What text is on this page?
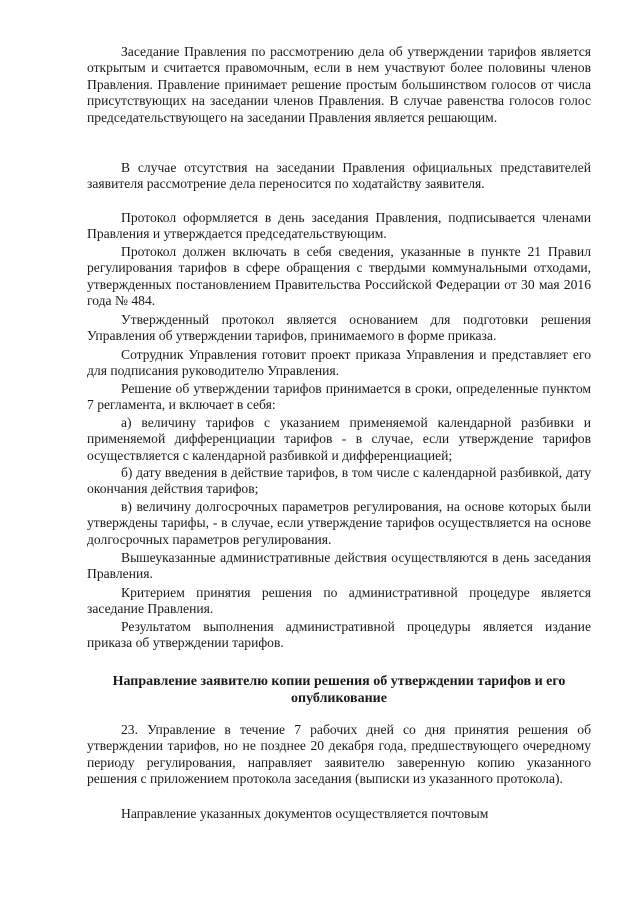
Заседание Правления по рассмотрению дела об утверждении тарифов является открытым и считается правомочным, если в нем участвуют более половины членов Правления. Правление принимает решение простым большинством голосов от числа присутствующих на заседании членов Правления. В случае равенства голосов голос председательствующего на заседании Правления является решающим.

В случае отсутствия на заседании Правления официальных представителей заявителя рассмотрение дела переносится по ходатайству заявителя.

Протокол оформляется в день заседания Правления, подписывается членами Правления и утверждается председательствующим.

Протокол должен включать в себя сведения, указанные в пункте 21 Правил регулирования тарифов в сфере обращения с твердыми коммунальными отходами, утвержденных постановлением Правительства Российской Федерации от 30 мая 2016 года № 484.

Утвержденный протокол является основанием для подготовки решения Управления об утверждении тарифов, принимаемого в форме приказа.

Сотрудник Управления готовит проект приказа Управления и представляет его для подписания руководителю Управления.

Решение об утверждении тарифов принимается в сроки, определенные пунктом 7 регламента, и включает в себя:

а) величину тарифов с указанием применяемой календарной разбивки и применяемой дифференциации тарифов - в случае, если утверждение тарифов осуществляется с календарной разбивкой и дифференциацией;

б) дату введения в действие тарифов, в том числе с календарной разбивкой, дату окончания действия тарифов;

в) величину долгосрочных параметров регулирования, на основе которых были утверждены тарифы, - в случае, если утверждение тарифов осуществляется на основе долгосрочных параметров регулирования.

Вышеуказанные административные действия осуществляются в день заседания Правления.

Критерием принятия решения по административной процедуре является заседание Правления.

Результатом выполнения административной процедуры является издание приказа об утверждении тарифов.

Направление заявителю копии решения об утверждении тарифов и его опубликование

23. Управление в течение 7 рабочих дней со дня принятия решения об утверждении тарифов, но не позднее 20 декабря года, предшествующего очередному периоду регулирования, направляет заявителю заверенную копию указанного решения с приложением протокола заседания (выписки из указанного протокола).

Направление указанных документов осуществляется почтовым
